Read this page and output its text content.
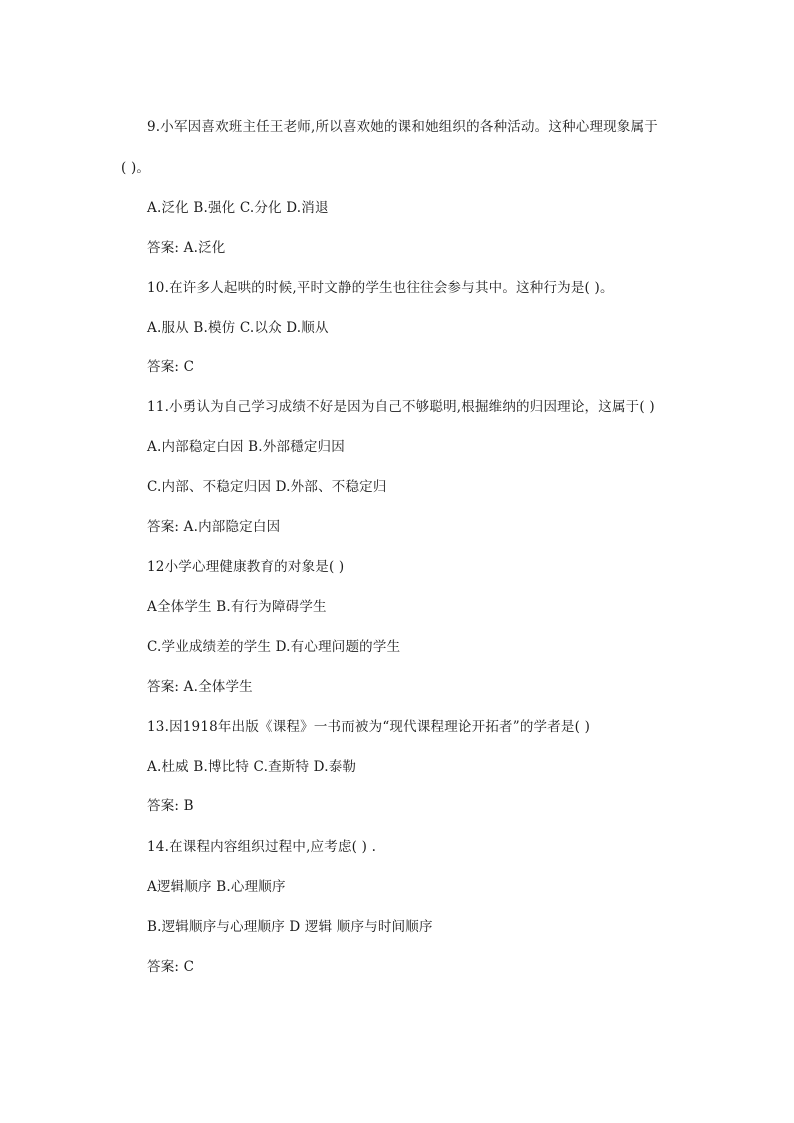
9.小军因喜欢班主任王老师,所以喜欢她的课和她组织的各种活动。这种心理现象属于
( )。
A.泛化 B.强化 C.分化 D.消退
答案: A.泛化
10.在许多人起哄的时候,平时文静的学生也往往会参与其中。这种行为是( )。
A.服从 B.模仿 C.以众 D.顺从
答案: C
11.小勇认为自己学习成绩不好是因为自己不够聪明,根掘维纳的归因理论，这属于( )
A.内部稳定白因 B.外部穩定归因
C.内部、不稳定归因 D.外部、不稳定归
答案: A.内部隐定白因
12小学心理健康教育的对象是( )
A全体学生 B.有行为障碍学生
C.学业成绩差的学生 D.有心理问题的学生
答案: A.全体学生
13.因1918年出版《课程》一书而被为“现代课程理论开拓者”的学者是( )
A.杜威 B.博比特 C.查斯特 D.泰勒
答案: B
14.在课程内容组织过程中,应考虑( ) .
A逻辑顺序 B.心理顺序
B.逻辑顺序与心理顺序 D 逻辑 顺序与时间顺序
答案: C
